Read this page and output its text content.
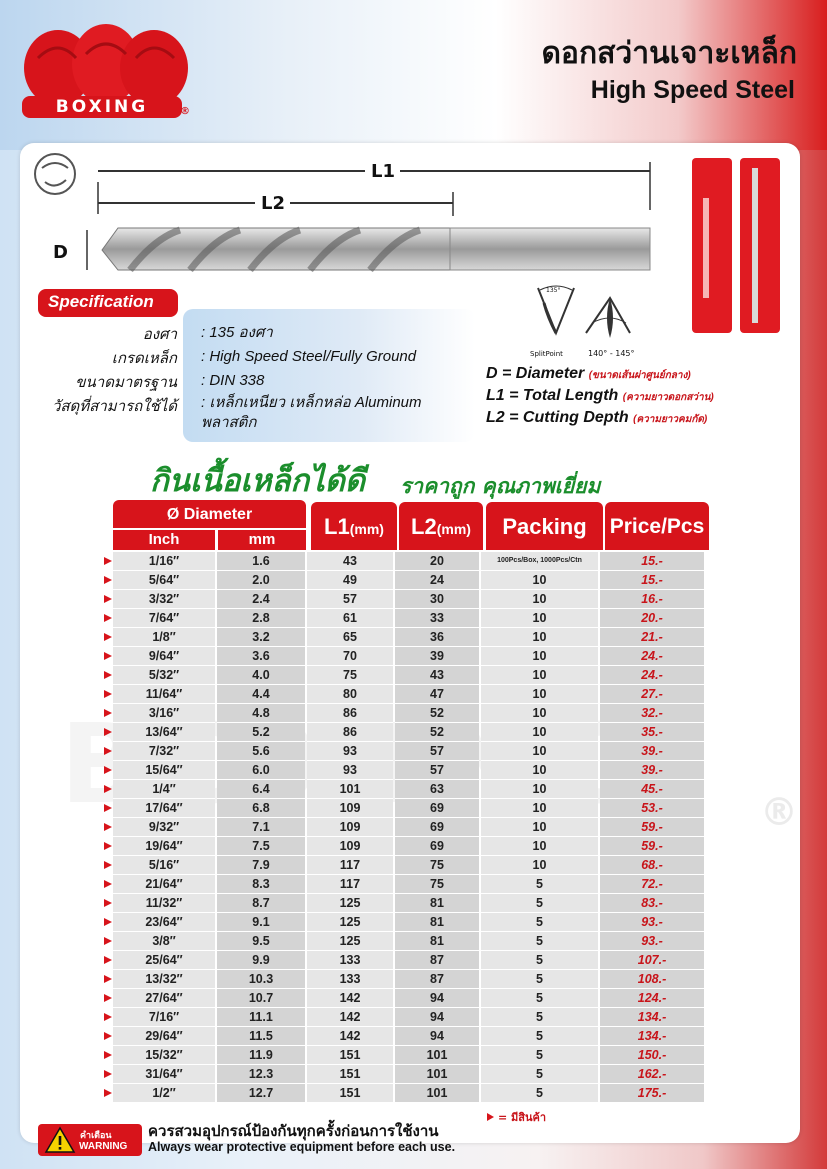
BOXING	®
ดอกสว่านเจาะเหล็ก
High Speed Steel
®
L1
L2
D
Specification
องศา
เกรดเหล็ก
ขนาดมาตรฐาน
วัสดุที่สามารถใช้ได้
: 135 องศา
: High Speed Steel/Fully Ground
: DIN 338
: เหล็กเหนียว เหล็กหล่อ Aluminum
พลาสติก
135°
SplitPoint	140° - 145°
D = Diameter (ขนาดเส้นผ่าศูนย์กลาง)
L1 = Total Length (ความยาวดอกสว่าน)
L2 = Cutting Depth (ความยาวคมกัด)
กินเนื้อเหล็กได้ดี ราคาถูก คุณภาพเยี่ยม
Ø Diameter
Inch	mm
L1(mm)	L2(mm)	Packing	Price/Pcs
1/16″	1.6	43	20	100Pcs/Box, 1000Pcs/Ctn	15.-
5/64″	2.0	49	24	10	15.-
3/32″	2.4	57	30	10	16.-
7/64″	2.8	61	33	10	20.-
1/8″	3.2	65	36	10	21.-
9/64″	3.6	70	39	10	24.-
5/32″	4.0	75	43	10	24.-
11/64″	4.4	80	47	10	27.-
3/16″	4.8	86	52	10	32.-
13/64″	5.2	86	52	10	35.-
7/32″	5.6	93	57	10	39.-
15/64″	6.0	93	57	10	39.-
1/4″	6.4	101	63	10	45.-
17/64″	6.8	109	69	10	53.-
9/32″	7.1	109	69	10	59.-
19/64″	7.5	109	69	10	59.-
5/16″	7.9	117	75	10	68.-
21/64″	8.3	117	75	5	72.-
11/32″	8.7	125	81	5	83.-
23/64″	9.1	125	81	5	93.-
3/8″	9.5	125	81	5	93.-
25/64″	9.9	133	87	5	107.-
13/32″	10.3	133	87	5	108.-
27/64″	10.7	142	94	5	124.-
7/16″	11.1	142	94	5	134.-
29/64″	11.5	142	94	5	134.-
15/32″	11.9	151	101	5	150.-
31/64″	12.3	151	101	5	162.-
1/2″	12.7	151	101	5	175.-
= มีสินค้า
คำเตือน
WARNING
ควรสวมอุปกรณ์ป้องกันทุกครั้งก่อนการใช้งาน
Always wear protective equipment before each use.
